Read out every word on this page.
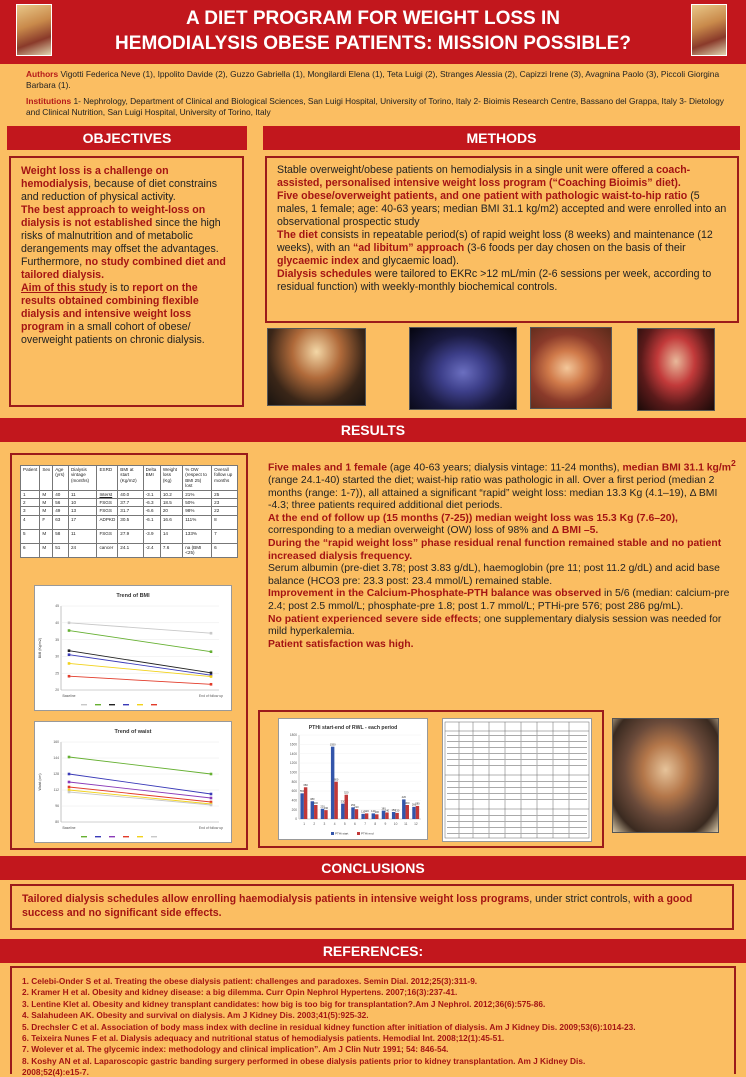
A DIET PROGRAM FOR WEIGHT LOSS IN
HEMODIALYSIS OBESE PATIENTS: MISSION POSSIBLE?
Authors Vigotti Federica Neve (1), Ippolito Davide (2), Guzzo Gabriella (1), Mongilardi Elena (1), Teta Luigi (2), Stranges Alessia (2), Capizzi Irene (3), Avagnina Paolo (3), Piccoli Giorgina Barbara (1).
Institutions 1- Nephrology, Department of Clinical and Biological Sciences, San Luigi Hospital, University of Torino, Italy 2- Bioimis Research Centre, Bassano del Grappa, Italy 3- Dietology and Clinical Nutrition, San Luigi Hospital, University of Torino, Italy
OBJECTIVES	METHODS
RESULTS
CONCLUSIONS
REFERENCES:

Weight loss is a challenge on hemodialysis, because of diet constrains and reduction of physical activity.
The best approach to weight-loss on dialysis is not established since the high risks of malnutrition and of metabolic derangements may offset the advantages.
Furthermore, no study combined diet and tailored dialysis.
Aim of this study is to report on the results obtained combining flexible dialysis and intensive weight loss program in a small cohort of obese/ overweight patients on chronic dialysis.

Stable overweight/obese patients on hemodialysis in a single unit were offered a coach-assisted, personalised intensive weight loss program (“Coaching Bioimis” diet).
Five obese/overweight patients, and one patient with pathologic waist-to-hip ratio (5 males, 1 female; age: 40-63 years; median BMI 31.1 kg/m2) accepted and were enrolled into an observational prospectic study
The diet consists in repeatable period(s) of rapid weight loss (8 weeks) and maintenance (12 weeks), with an “ad libitum” approach (3-6 foods per day chosen on the basis of their glycaemic index and glycaemic load).
Dialysis schedules were tailored to EKRc >12 mL/min (2-6 sessions per week, according to residual function) with weekly-monthly biochemical controls.

Patient	Sex	Age (yrs)	Dialysis vintage (months)	ESRD	BMI at start (Kg/m2)	Delta BMI	Weight loss (Kg)	% OW (respect to BMI 25) lost	Overall follow up months
1	M	40	11	Interst	40.0	-3.1	10.2	21%	25
2	M	56	10	FSGS	37.7	-6.3	18.5	50%	23
3	M	49	13	FSGS	31.7	-6.6	20	98%	22
4	F	63	17	ADPKD	30.5	-6.1	16.6	111%	8
5	M	58	11	FSGS	27.9	-3.9	14	133%	7
6	M	51	24	cancer	24.1	-2.4	7.6	na (BMI <25)	6
Trend of BMI
BMI (Kg/m2)
20
25
30
35
40
45
Baseline	End of follow up
Trend of waist
Waist (cm)
80
96
112
128
144
160
Baseline	End of follow up

Five males and 1 female (age 40-63 years; dialysis vintage: 11-24 months), median BMI 31.1 $kg/m^2$ (range 24.1-40) started the diet; waist-hip ratio was pathologic in all. Over a first period (median 2 months (range: 1-7)), all attained a significant “rapid” weight loss: median 13.3 Kg (4.1–19), Δ BMI -4.3; three patients required additional diet periods.
At the end of follow up (15 months (7-25)) median weight loss was 15.3 Kg (7.6–20), corresponding to a median overweight (OW) loss of 98% and Δ BMI –5.
During the “rapid weight loss” phase residual renal function remained stable and no patient increased dialysis frequency.
Serum albumin (pre-diet 3.78; post 3.83 g/dL), haemoglobin (pre 11; post 11.2 g/dL) and acid base balance (HCO3 pre: 23.3 post: 23.4 mmol/L) remained stable.
Improvement in the Calcium-Phosphate-PTH balance was observed in 5/6 (median: calcium-pre 2.4; post 2.5 mmol/L; phosphate-pre 1.8; post 1.7 mmol/L; PTHi-pre 576; post 286 pg/mL).
No patient experienced severe side effects; one supplementary dialysis session was needed for mild hyperkalemia.
Patient satisfaction was high.

PTHi start-end of RWL - each period
0
200
400
600
800
1000
1200
1400
1600
1800
550
680
1
380
300
2
220 190
3
1550
800
4
330
520
5
250
210
6
110 120
7
120 100
8
180
140
9
150 130
10
420
300
11
260 280
12
PTHi start	PTHi end

Tailored dialysis schedules allow enrolling haemodialysis patients in intensive weight loss programs, under strict controls, with a good success and no significant side effects.

1. Celebi-Onder S et al. Treating the obese dialysis patient: challenges and paradoxes. Semin Dial. 2012;25(3):311-9.
2. Kramer H et al. Obesity and kidney disease: a big dilemma. Curr Opin Nephrol Hypertens. 2007;16(3):237-41.
3. Lentine Klet al. Obesity and kidney transplant candidates: how big is too big for transplantation?.Am J Nephrol. 2012;36(6):575-86.
4. Salahudeen AK. Obesity and survival on dialysis. Am J Kidney Dis. 2003;41(5):925-32.
5. Drechsler C et al. Association of body mass index with decline in residual kidney function after initiation of dialysis. Am J Kidney Dis. 2009;53(6):1014-23.
6. Teixeira Nunes F et al. Dialysis adequacy and nutritional status of hemodialysis patients. Hemodial Int. 2008;12(1):45-51.
7. Wolever et al. The glycemic index: methodology and clinical implication”. Am J Clin Nutr 1991; 54: 846-54.
8. Koshy AN et al. Laparoscopic gastric banding surgery performed in obese dialysis patients prior to kidney transplantation. Am J Kidney Dis.
2008;52(4):e15-7.
